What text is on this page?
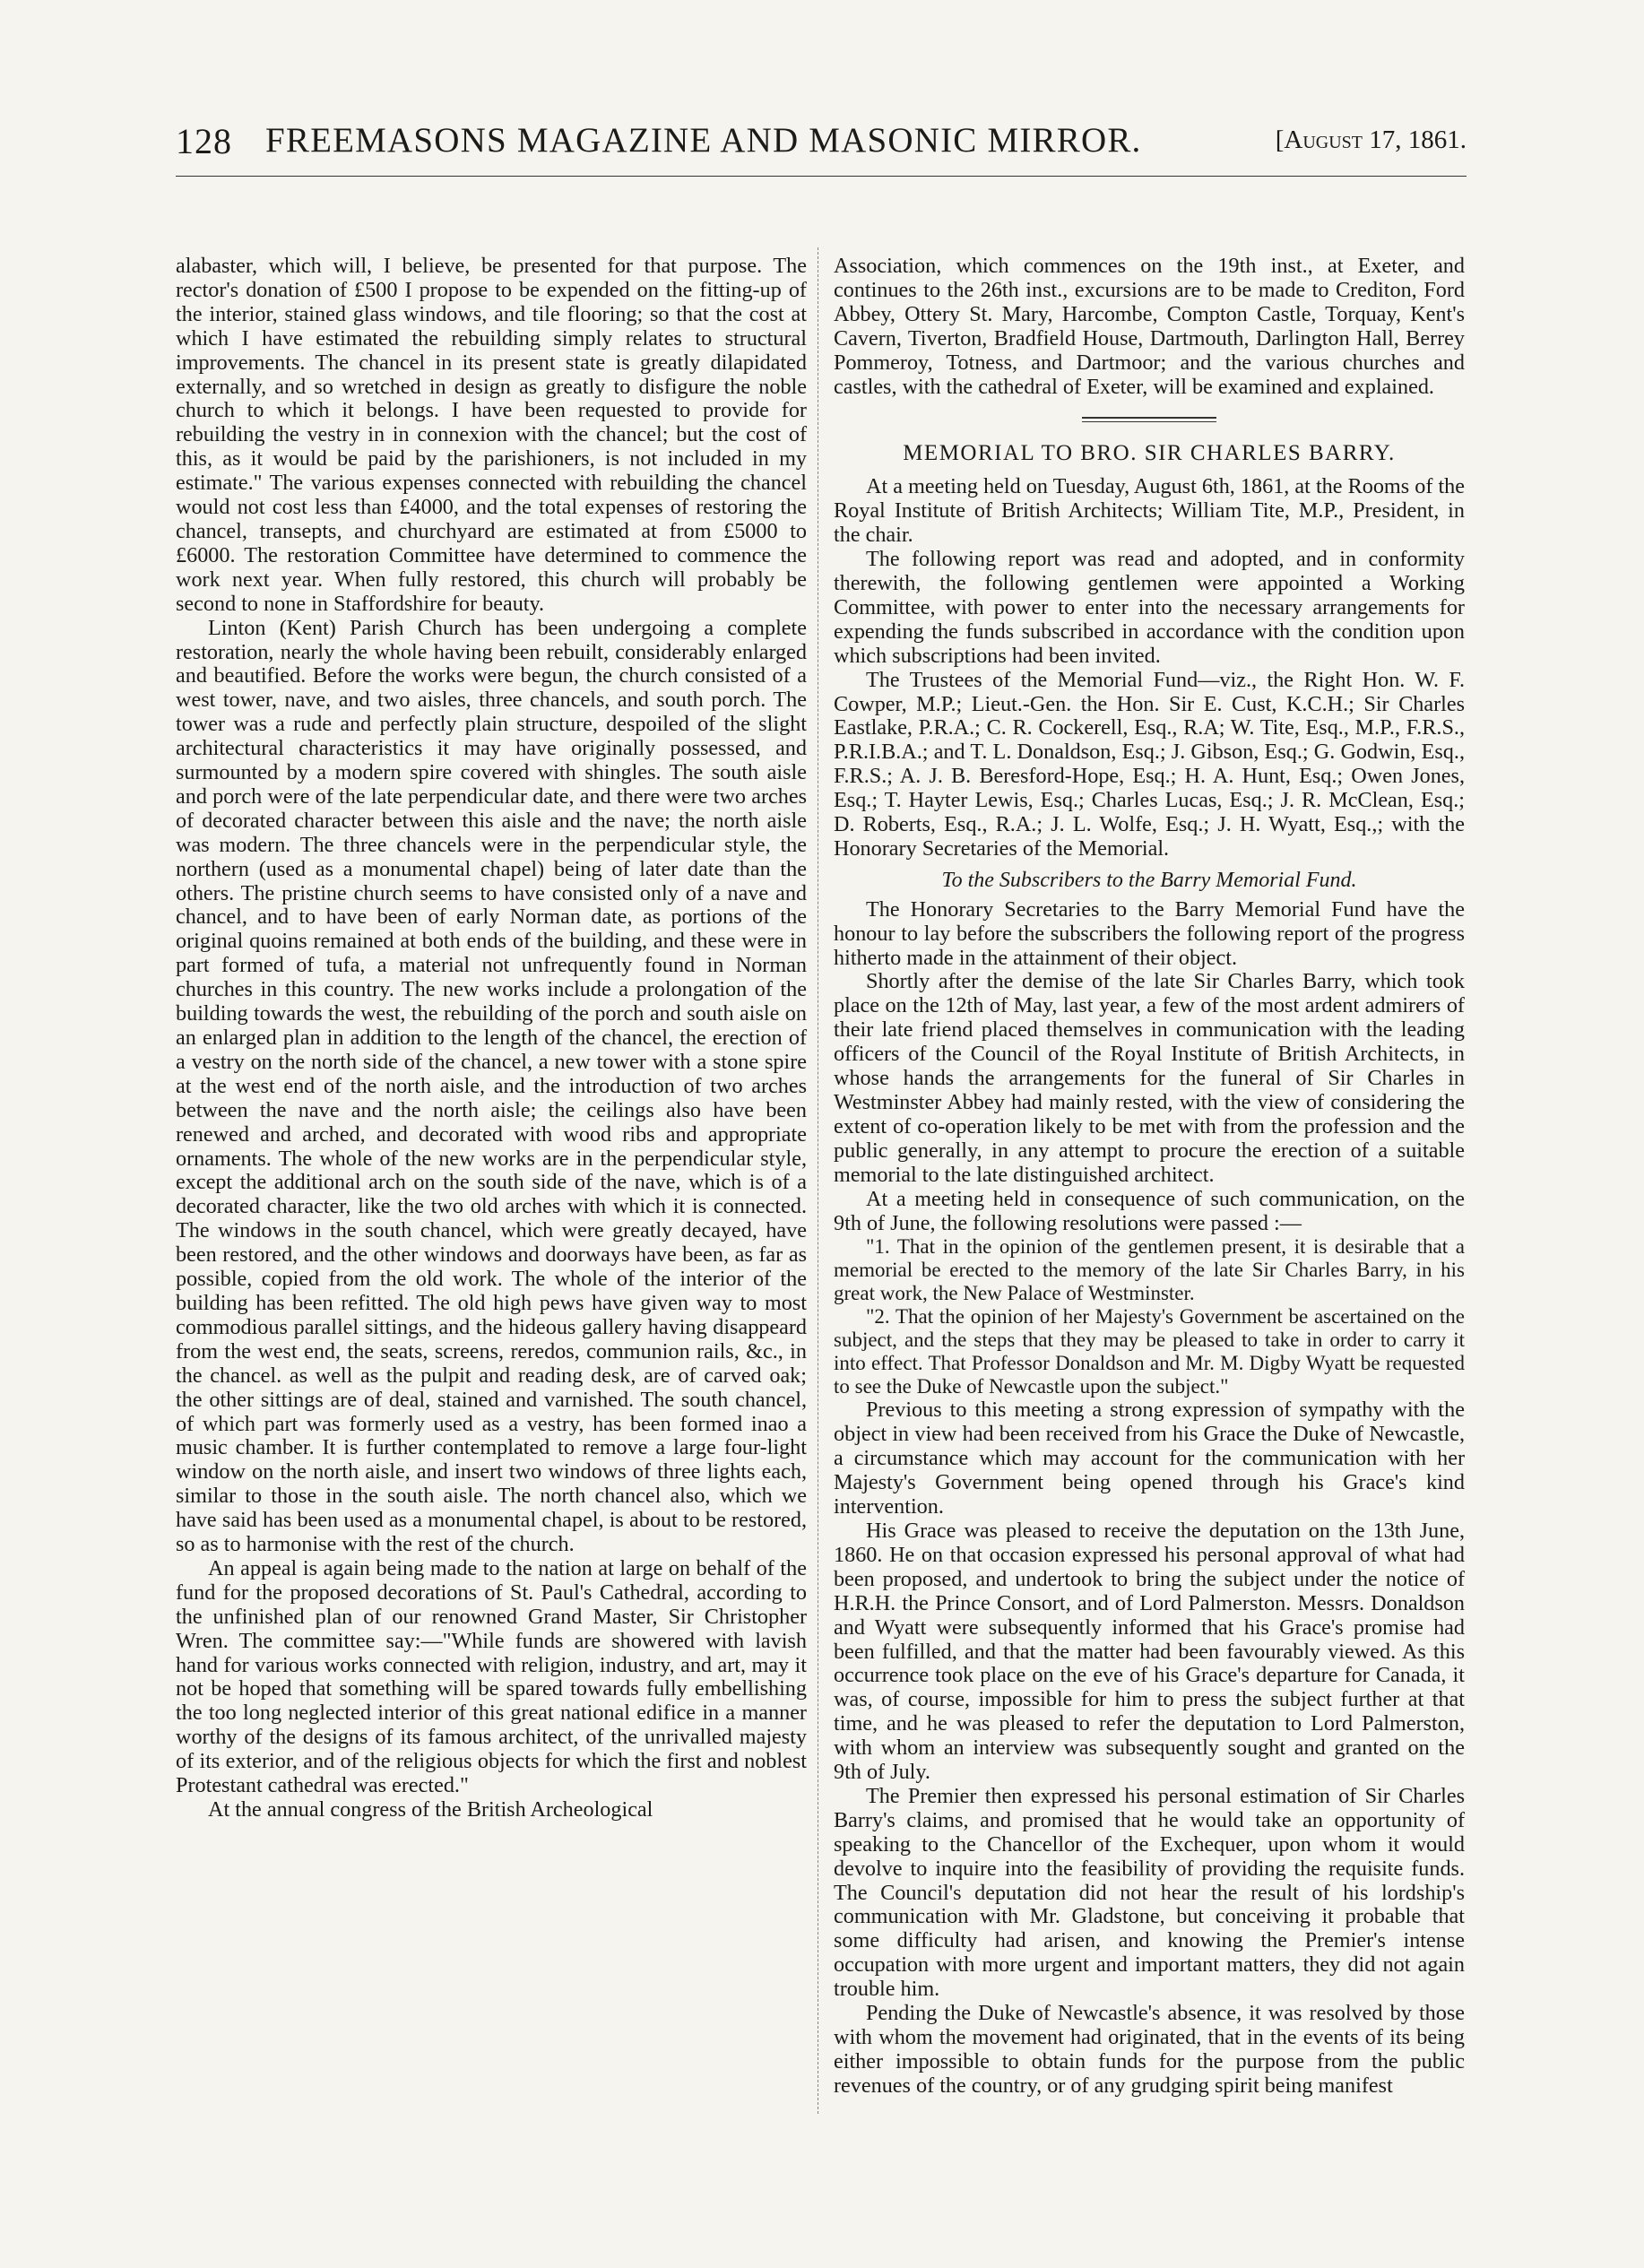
128 FREEMASONS MAGAZINE AND MASONIC MIRROR.	[August 17, 1861.

alabaster, which will, I believe, be presented for that purpose. The rector's donation of £500 I propose to be expended on the fitting-up of the interior, stained glass windows, and tile flooring; so that the cost at which I have estimated the rebuilding simply relates to structural improvements. The chancel in its present state is greatly dilapidated externally, and so wretched in design as greatly to disfigure the noble church to which it belongs. I have been requested to provide for rebuilding the vestry in in connexion with the chancel; but the cost of this, as it would be paid by the parishioners, is not included in my estimate." The various expenses connected with rebuilding the chancel would not cost less than £4000, and the total expenses of restoring the chancel, transepts, and churchyard are estimated at from £5000 to £6000. The restoration Committee have determined to commence the work next year. When fully restored, this church will probably be second to none in Staffordshire for beauty.

Linton (Kent) Parish Church has been undergoing a complete restoration, nearly the whole having been rebuilt, considerably enlarged and beautified. Before the works were begun, the church consisted of a west tower, nave, and two aisles, three chancels, and south porch. The tower was a rude and perfectly plain structure, despoiled of the slight architectural characteristics it may have originally possessed, and surmounted by a modern spire covered with shingles. The south aisle and porch were of the late perpendicular date, and there were two arches of decorated character between this aisle and the nave; the north aisle was modern. The three chancels were in the perpendicular style, the northern (used as a monumental chapel) being of later date than the others. The pristine church seems to have consisted only of a nave and chancel, and to have been of early Norman date, as portions of the original quoins remained at both ends of the building, and these were in part formed of tufa, a material not unfrequently found in Norman churches in this country. The new works include a prolongation of the building towards the west, the rebuilding of the porch and south aisle on an enlarged plan in addition to the length of the chancel, the erection of a vestry on the north side of the chancel, a new tower with a stone spire at the west end of the north aisle, and the introduction of two arches between the nave and the north aisle; the ceilings also have been renewed and arched, and decorated with wood ribs and appropriate ornaments. The whole of the new works are in the perpendicular style, except the additional arch on the south side of the nave, which is of a decorated character, like the two old arches with which it is connected. The windows in the south chancel, which were greatly decayed, have been restored, and the other windows and doorways have been, as far as possible, copied from the old work. The whole of the interior of the building has been refitted. The old high pews have given way to most commodious parallel sittings, and the hideous gallery having disappeard from the west end, the seats, screens, reredos, communion rails, &c., in the chancel. as well as the pulpit and reading desk, are of carved oak; the other sittings are of deal, stained and varnished. The south chancel, of which part was formerly used as a vestry, has been formed inao a music chamber. It is further contemplated to remove a large four-light window on the north aisle, and insert two windows of three lights each, similar to those in the south aisle. The north chancel also, which we have said has been used as a monumental chapel, is about to be restored, so as to harmonise with the rest of the church.

An appeal is again being made to the nation at large on behalf of the fund for the proposed decorations of St. Paul's Cathedral, according to the unfinished plan of our renowned Grand Master, Sir Christopher Wren. The committee say:—"While funds are showered with lavish hand for various works connected with religion, industry, and art, may it not be hoped that something will be spared towards fully embellishing the too long neglected interior of this great national edifice in a manner worthy of the designs of its famous architect, of the unrivalled majesty of its exterior, and of the religious objects for which the first and noblest Protestant cathedral was erected."

At the annual congress of the British Archeological

Association, which commences on the 19th inst., at Exeter, and continues to the 26th inst., excursions are to be made to Crediton, Ford Abbey, Ottery St. Mary, Harcombe, Compton Castle, Torquay, Kent's Cavern, Tiverton, Bradfield House, Dartmouth, Darlington Hall, Berrey Pommeroy, Totness, and Dartmoor; and the various churches and castles, with the cathedral of Exeter, will be examined and explained.

MEMORIAL TO BRO. SIR CHARLES BARRY.

At a meeting held on Tuesday, August 6th, 1861, at the Rooms of the Royal Institute of British Architects; William Tite, M.P., President, in the chair.

The following report was read and adopted, and in conformity therewith, the following gentlemen were appointed a Working Committee, with power to enter into the necessary arrangements for expending the funds subscribed in accordance with the condition upon which subscriptions had been invited.

The Trustees of the Memorial Fund—viz., the Right Hon. W. F. Cowper, M.P.; Lieut.-Gen. the Hon. Sir E. Cust, K.C.H.; Sir Charles Eastlake, P.R.A.; C. R. Cockerell, Esq., R.A; W. Tite, Esq., M.P., F.R.S., P.R.I.B.A.; and T. L. Donaldson, Esq.; J. Gibson, Esq.; G. Godwin, Esq., F.R.S.; A. J. B. Beresford-Hope, Esq.; H. A. Hunt, Esq.; Owen Jones, Esq.; T. Hayter Lewis, Esq.; Charles Lucas, Esq.; J. R. McClean, Esq.; D. Roberts, Esq., R.A.; J. L. Wolfe, Esq.; J. H. Wyatt, Esq.,; with the Honorary Secretaries of the Memorial.

To the Subscribers to the Barry Memorial Fund.

The Honorary Secretaries to the Barry Memorial Fund have the honour to lay before the subscribers the following report of the progress hitherto made in the attainment of their object.

Shortly after the demise of the late Sir Charles Barry, which took place on the 12th of May, last year, a few of the most ardent admirers of their late friend placed themselves in communication with the leading officers of the Council of the Royal Institute of British Architects, in whose hands the arrangements for the funeral of Sir Charles in Westminster Abbey had mainly rested, with the view of considering the extent of co-operation likely to be met with from the profession and the public generally, in any attempt to procure the erection of a suitable memorial to the late distinguished architect.

At a meeting held in consequence of such communication, on the 9th of June, the following resolutions were passed :—

"1. That in the opinion of the gentlemen present, it is desirable that a memorial be erected to the memory of the late Sir Charles Barry, in his great work, the New Palace of Westminster.

"2. That the opinion of her Majesty's Government be ascertained on the subject, and the steps that they may be pleased to take in order to carry it into effect. That Professor Donaldson and Mr. M. Digby Wyatt be requested to see the Duke of Newcastle upon the subject."

Previous to this meeting a strong expression of sympathy with the object in view had been received from his Grace the Duke of Newcastle, a circumstance which may account for the communication with her Majesty's Government being opened through his Grace's kind intervention.

His Grace was pleased to receive the deputation on the 13th June, 1860. He on that occasion expressed his personal approval of what had been proposed, and undertook to bring the subject under the notice of H.R.H. the Prince Consort, and of Lord Palmerston. Messrs. Donaldson and Wyatt were subsequently informed that his Grace's promise had been fulfilled, and that the matter had been favourably viewed. As this occurrence took place on the eve of his Grace's departure for Canada, it was, of course, impossible for him to press the subject further at that time, and he was pleased to refer the deputation to Lord Palmerston, with whom an interview was subsequently sought and granted on the 9th of July.

The Premier then expressed his personal estimation of Sir Charles Barry's claims, and promised that he would take an opportunity of speaking to the Chancellor of the Exchequer, upon whom it would devolve to inquire into the feasibility of providing the requisite funds. The Council's deputation did not hear the result of his lordship's communication with Mr. Gladstone, but conceiving it probable that some difficulty had arisen, and knowing the Premier's intense occupation with more urgent and important matters, they did not again trouble him.

Pending the Duke of Newcastle's absence, it was resolved by those with whom the movement had originated, that in the events of its being either impossible to obtain funds for the purpose from the public revenues of the country, or of any grudging spirit being manifest
